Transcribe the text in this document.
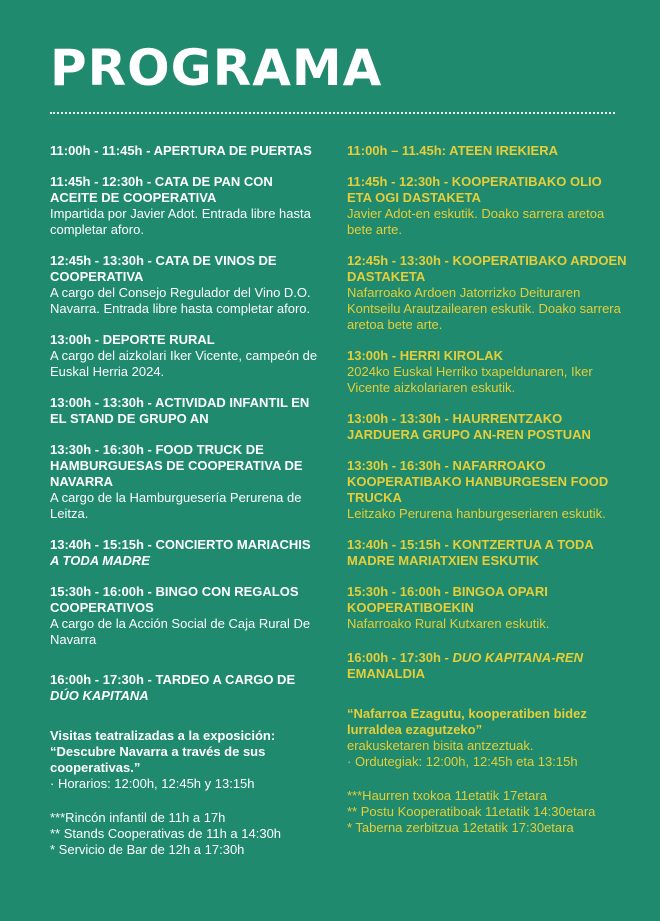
PROGRAMA
11:00h - 11:45h - APERTURA DE PUERTAS
11:45h - 12:30h - CATA DE PAN CON ACEITE DE COOPERATIVA
Impartida por Javier Adot. Entrada libre hasta completar aforo.
12:45h - 13:30h - CATA DE VINOS DE COOPERATIVA
A cargo del Consejo Regulador del Vino D.O. Navarra. Entrada libre hasta completar aforo.
13:00h - DEPORTE RURAL
A cargo del aizkolari Iker Vicente, campeón de Euskal Herria 2024.
13:00h - 13:30h - ACTIVIDAD INFANTIL EN EL STAND DE GRUPO AN
13:30h - 16:30h - FOOD TRUCK DE HAMBURGUESAS DE COOPERATIVA DE NAVARRA
A cargo de la Hamburguesería Perurena de Leitza.
13:40h - 15:15h - CONCIERTO MARIACHIS A TODA MADRE
15:30h - 16:00h - BINGO CON REGALOS COOPERATIVOS
A cargo de la Acción Social de Caja Rural De Navarra
16:00h - 17:30h - TARDEO A CARGO DE DÚO KAPITANA
Visitas teatralizadas a la exposición:
“Descubre Navarra a través de sus cooperativas.”
· Horarios: 12:00h, 12:45h y 13:15h
***Rincón infantil de 11h a 17h
** Stands Cooperativas de 11h a 14:30h
* Servicio de Bar de 12h a 17:30h
11:00h – 11.45h: ATEEN IREKIERA
11:45h - 12:30h - KOOPERATIBAKO OLIO ETA OGI DASTAKETA
Javier Adot-en eskutik. Doako sarrera aretoa bete arte.
12:45h - 13:30h - KOOPERATIBAKO ARDOEN DASTAKETA
Nafarroako Ardoen Jatorrizko Deituraren Kontseilu Arautzailearen eskutik. Doako sarrera aretoa bete arte.
13:00h - HERRI KIROLAK
2024ko Euskal Herriko txapeldunaren, Iker Vicente aizkolariaren eskutik.
13:00h - 13:30h - HAURRENTZAKO JARDUERA GRUPO AN-REN POSTUAN
13:30h - 16:30h - NAFARROAKO KOOPERATIBAKO HANBURGESEN FOOD TRUCKA
Leitzako Perurena hanburgeseriaren eskutik.
13:40h - 15:15h - KONTZERTUA A TODA MADRE MARIATXIEN ESKUTIK
15:30h - 16:00h - BINGOA OPARI KOOPERATIBOEKIN
Nafarroako Rural Kutxaren eskutik.
16:00h - 17:30h - DUO KAPITANA-REN EMANALDIA
“Nafarroa Ezagutu, kooperatiben bidez lurraldea ezagutzeko”
erakusketaren bisita antzeztuak.
· Ordutegiak: 12:00h, 12:45h eta 13:15h
***Haurren txokoa 11etatik 17etara
** Postu Kooperatiboak 11etatik 14:30etara
* Taberna zerbitzua 12etatik 17:30etara
